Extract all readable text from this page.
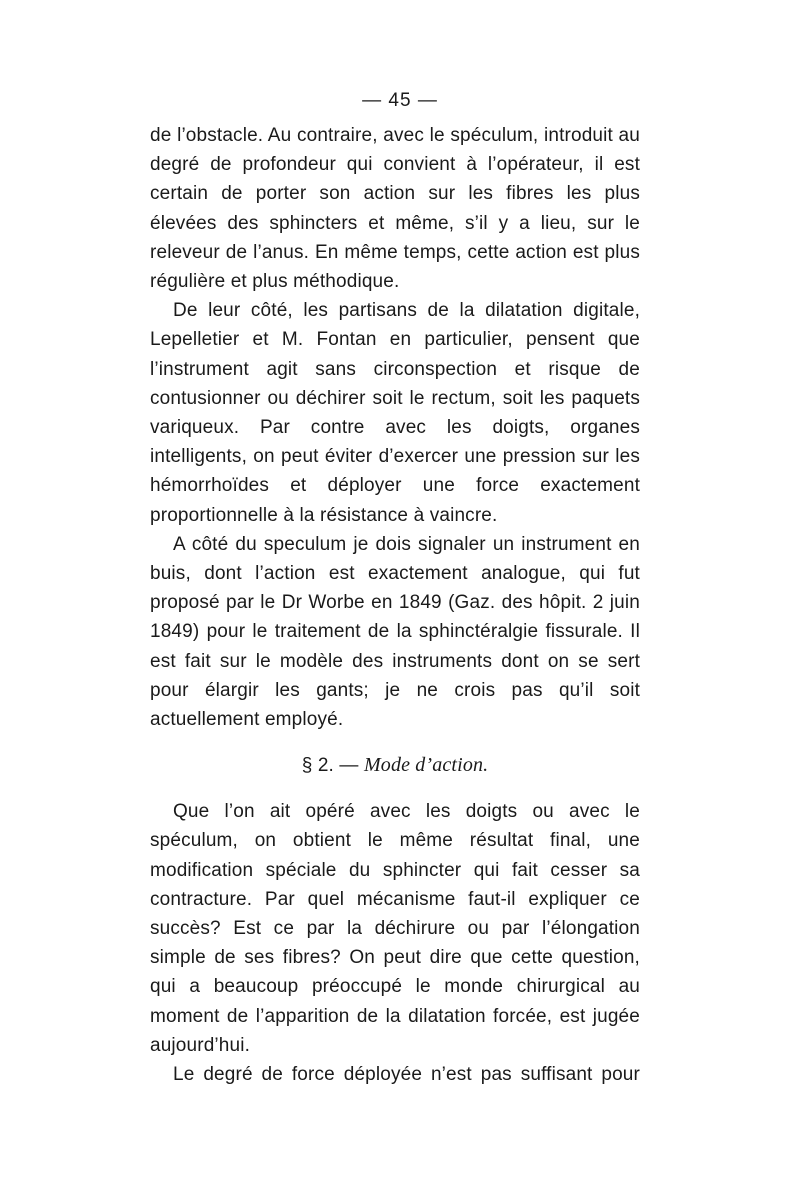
— 45 —

de l’obstacle. Au contraire, avec le spéculum, introduit au degré de profondeur qui convient à l’opérateur, il est certain de porter son action sur les fibres les plus élevées des sphincters et même, s’il y a lieu, sur le releveur de l’anus. En même temps, cette action est plus régulière et plus méthodique.

De leur côté, les partisans de la dilatation digitale, Lepelletier et M. Fontan en particulier, pensent que l’instrument agit sans circonspection et risque de contusionner ou déchirer soit le rectum, soit les paquets variqueux. Par contre avec les doigts, organes intelligents, on peut éviter d’exercer une pression sur les hémorrhoïdes et déployer une force exactement proportionnelle à la résistance à vaincre.

A côté du speculum je dois signaler un instrument en buis, dont l’action est exactement analogue, qui fut proposé par le Dr Worbe en 1849 (Gaz. des hôpit. 2 juin 1849) pour le traitement de la sphinctéralgie fissurale. Il est fait sur le modèle des instruments dont on se sert pour élargir les gants; je ne crois pas qu’il soit actuellement employé.

§ 2. — Mode d’action.

Que l’on ait opéré avec les doigts ou avec le spéculum, on obtient le même résultat final, une modification spéciale du sphincter qui fait cesser sa contracture. Par quel mécanisme faut-il expliquer ce succès? Est ce par la déchirure ou par l’élongation simple de ses fibres? On peut dire que cette question, qui a beaucoup préoccupé le monde chirurgical au moment de l’apparition de la dilatation forcée, est jugée aujourd’hui.

Le degré de force déployée n’est pas suffisant pour
